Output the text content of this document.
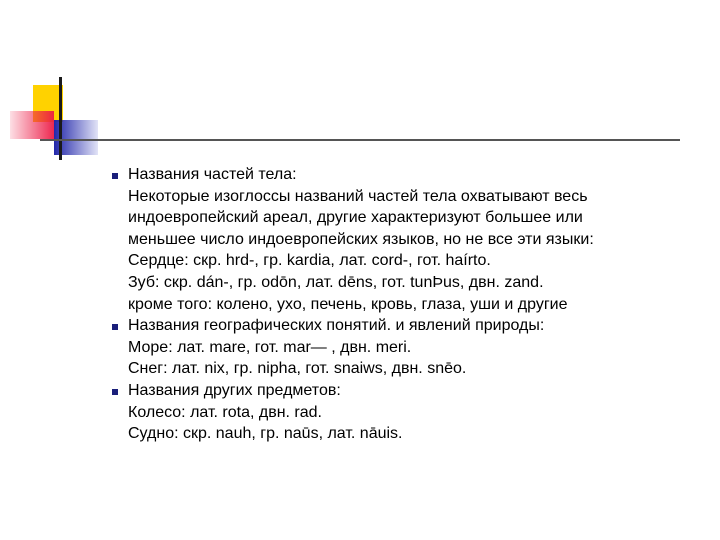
Названия частей тела:
Некоторые изоглоссы названий частей тела охватывают весь
индоевропейский ареал, другие характеризуют большее или
меньшее число индоевропейских языков, но не все эти языки:
Сердце: скр. hrd-, гр. kardia, лат. cord-, гот. haírto.
Зуб: скр. dán-, гр. odōn, лат. dēns, гот. tunÞus, двн. zand.
кроме того: колено, ухо, печень, кровь, глаза, уши и другие
Названия географических понятий. и явлений природы:
Море: лат. mare, гот. mar— , двн. meri.
Снег: лат. nix, гр. nipha, гот. snaiws, двн. snēo.
Названия других предметов:
Колесо: лат. rota, двн. rad.
Судно: скр. nauh, гр. naūs, лат. nāuis.
